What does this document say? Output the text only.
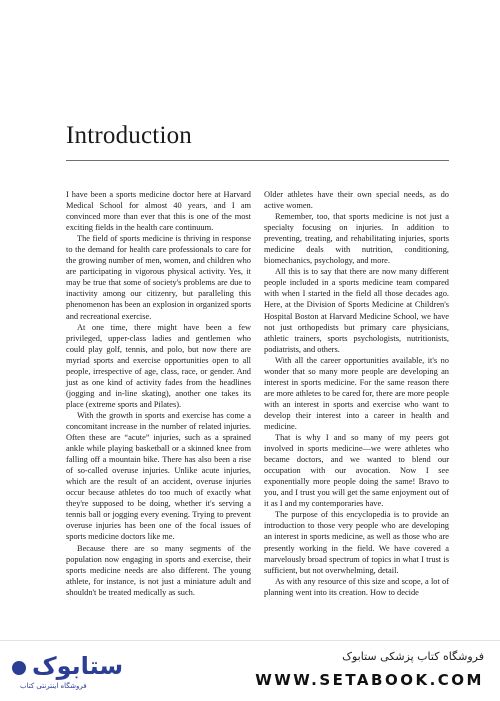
Introduction

I have been a sports medicine doctor here at Harvard Medical School for almost 40 years, and I am convinced more than ever that this is one of the most exciting fields in the health care continuum.

The field of sports medicine is thriving in response to the demand for health care professionals to care for the growing number of men, women, and children who are participating in vigorous physical activity. Yes, it may be true that some of society's problems are due to inactivity among our citizenry, but paralleling this phenomenon has been an explosion in organized sports and recreational exercise.

At one time, there might have been a few privileged, upper-class ladies and gentlemen who could play golf, tennis, and polo, but now there are myriad sports and exercise opportunities open to all people, irrespective of age, class, race, or gender. And just as one kind of activity fades from the headlines (jogging and in-line skating), another one takes its place (extreme sports and Pilates).

With the growth in sports and exercise has come a concomitant increase in the number of related injuries. Often these are “acute” injuries, such as a sprained ankle while playing basketball or a skinned knee from falling off a mountain bike. There has also been a rise of so-called overuse injuries. Unlike acute injuries, which are the result of an accident, overuse injuries occur because athletes do too much of exactly what they're supposed to be doing, whether it's serving a tennis ball or jogging every evening. Trying to prevent overuse injuries has been one of the focal issues of sports medicine doctors like me.

Because there are so many segments of the population now engaging in sports and exercise, their sports medicine needs are also different. The young athlete, for instance, is not just a miniature adult and shouldn't be treated medically as such.

Older athletes have their own special needs, as do active women.

Remember, too, that sports medicine is not just a specialty focusing on injuries. In addition to preventing, treating, and rehabilitating injuries, sports medicine deals with nutrition, conditioning, biomechanics, psychology, and more.

All this is to say that there are now many different people included in a sports medicine team compared with when I started in the field all those decades ago. Here, at the Division of Sports Medicine at Children's Hospital Boston at Harvard Medicine School, we have not just orthopedists but primary care physicians, athletic trainers, sports psychologists, nutritionists, podiatrists, and others.

With all the career opportunities available, it's no wonder that so many more people are developing an interest in sports medicine. For the same reason there are more athletes to be cared for, there are more people with an interest in sports and exercise who want to develop their interest into a career in health and medicine.

That is why I and so many of my peers got involved in sports medicine—we were athletes who became doctors, and we wanted to blend our occupation with our avocation. Now I see exponentially more people doing the same! Bravo to you, and I trust you will get the same enjoyment out of it as I and my contemporaries have.

The purpose of this encyclopedia is to provide an introduction to those very people who are developing an interest in sports medicine, as well as those who are presently working in the field. We have covered a marvelously broad spectrum of topics in what I trust is sufficient, but not overwhelming, detail.

As with any resource of this size and scope, a lot of planning went into its creation. How to decide

ستابوک
فروشگاه اینترنتی کتاب
فروشگاه کتاب پزشکی ستابوک
WWW.SETABOOK.COM
